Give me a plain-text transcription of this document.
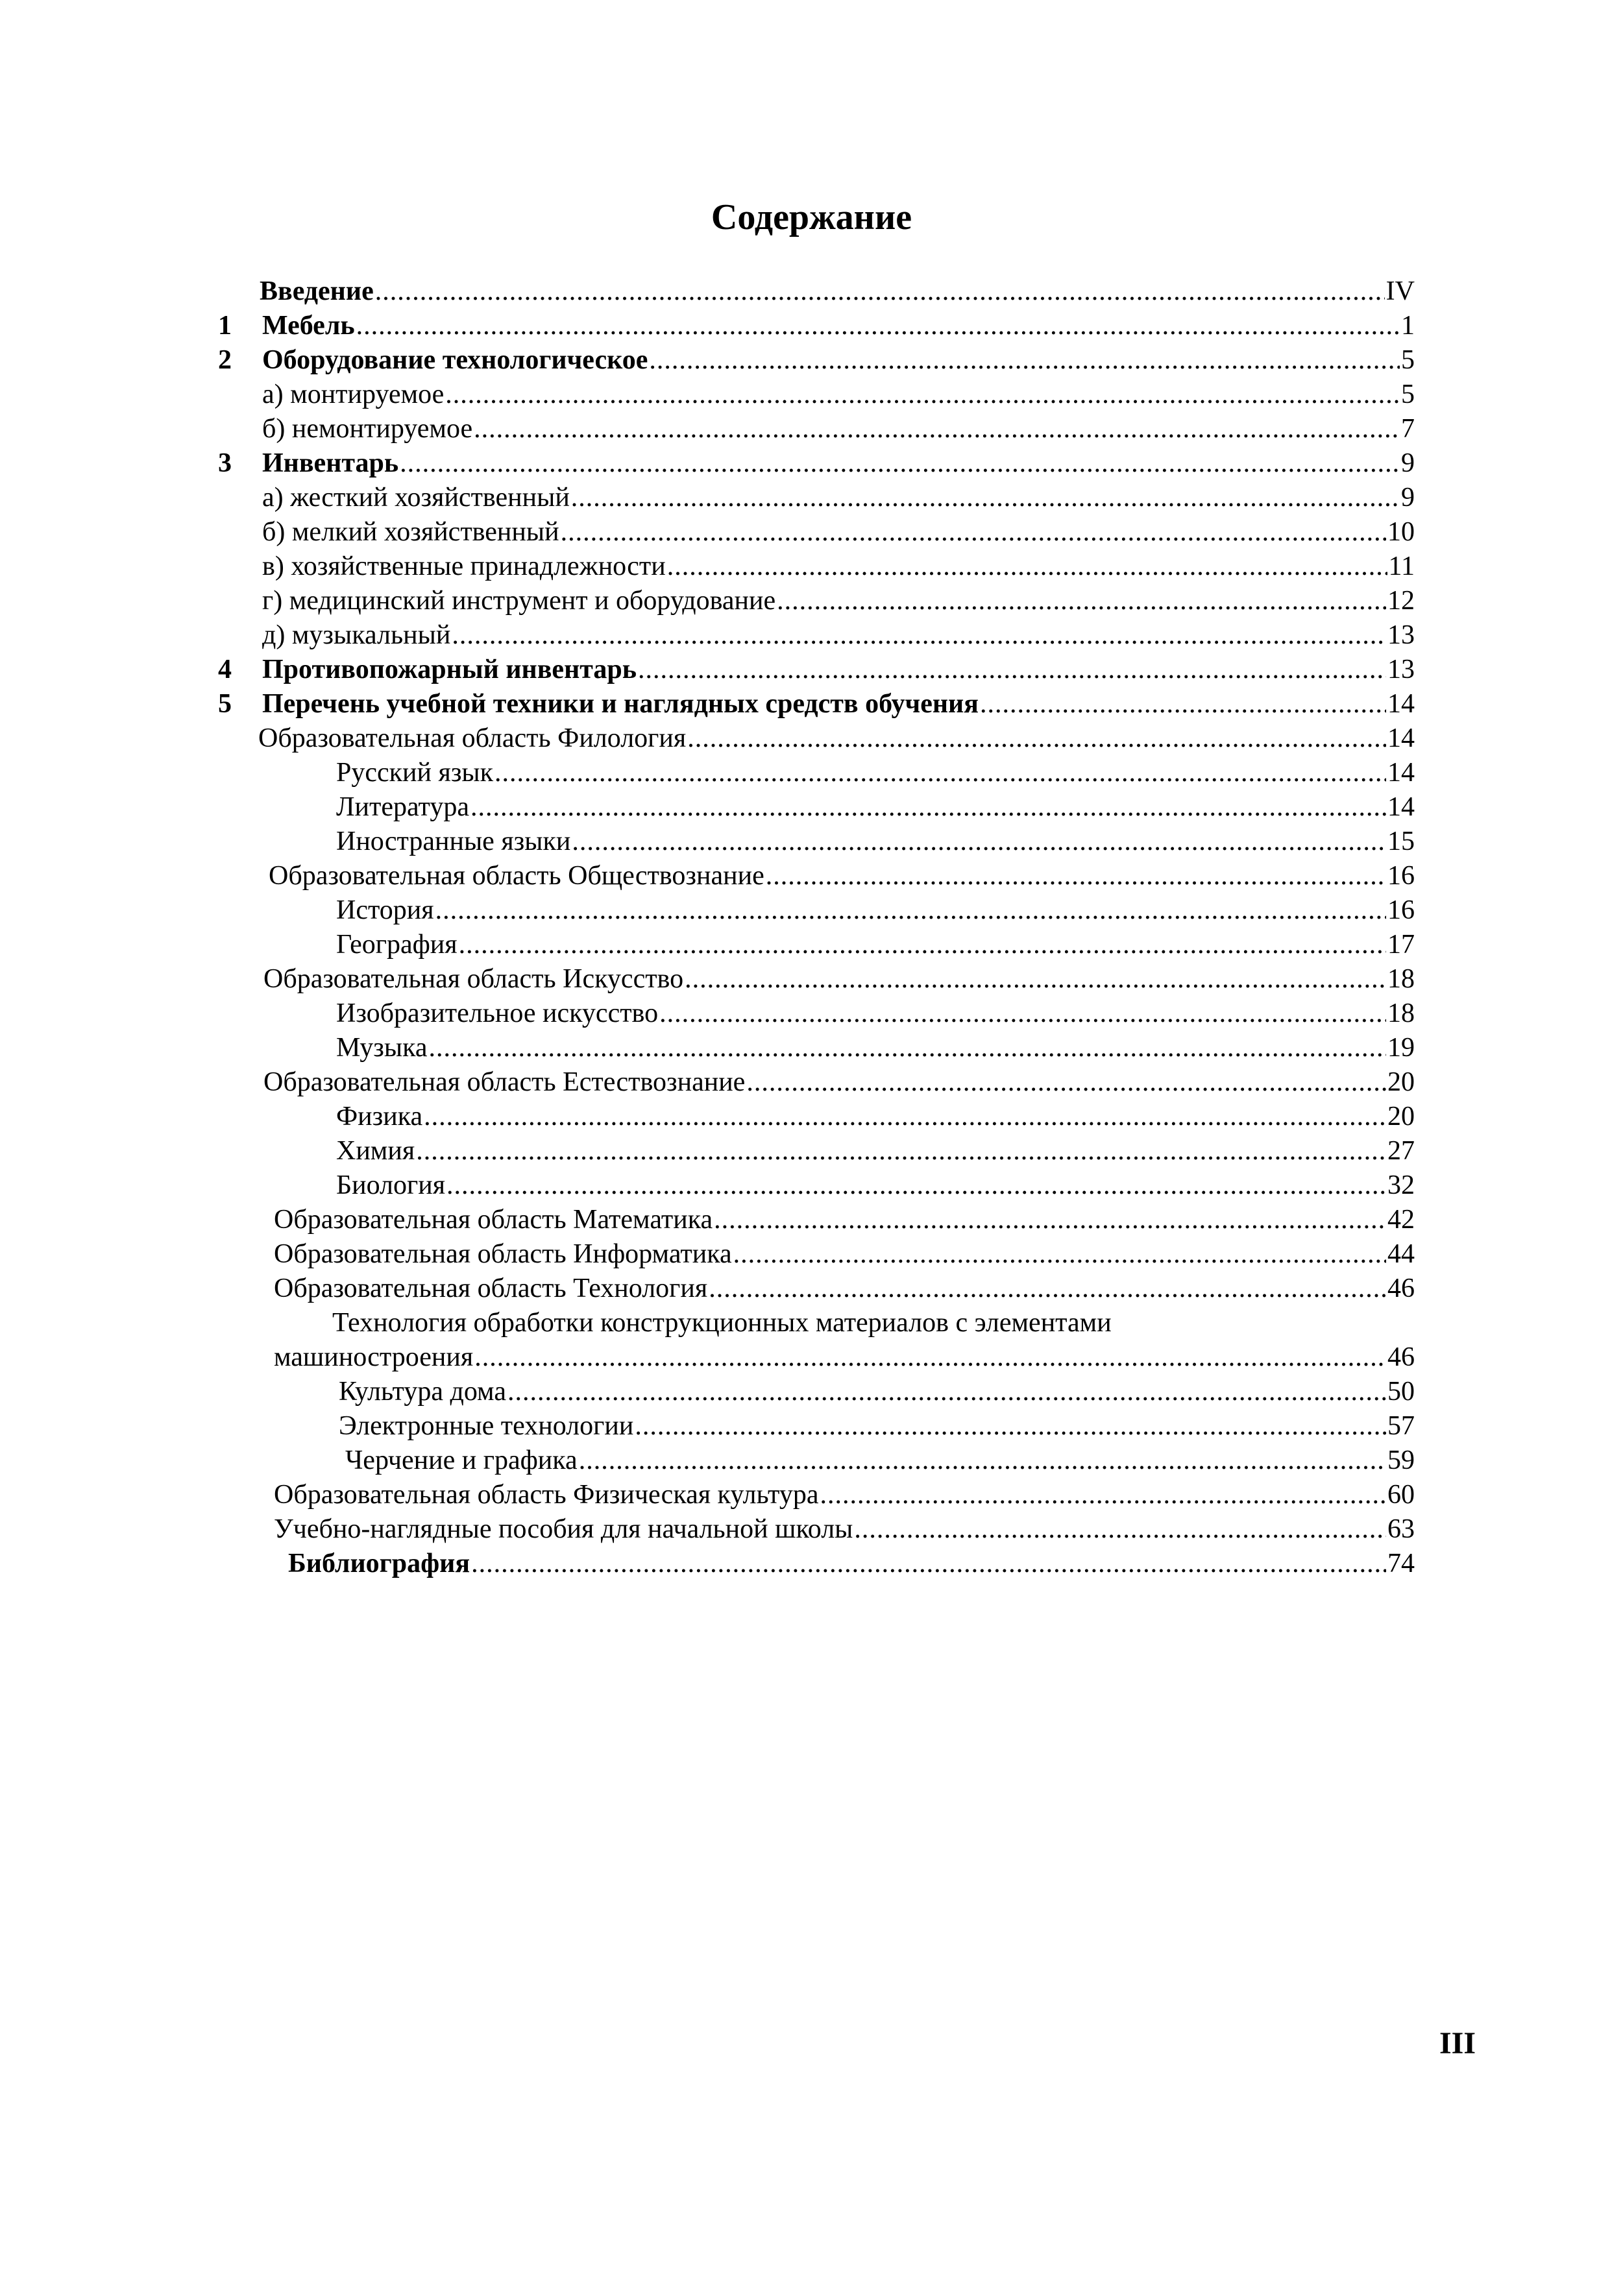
Содержание
Введение .....	IV
1 Мебель .....	1
2 Оборудование технологическое .....	5
а) монтируемое .....	5
б) немонтируемое .....	7
3 Инвентарь .....	9
а) жесткий хозяйственный .....	9
б) мелкий хозяйственный .....	10
в) хозяйственные принадлежности .....	11
г) медицинский инструмент и оборудование .....	12
д) музыкальный .....	13
4 Противопожарный инвентарь .....	13
5 Перечень учебной техники и наглядных средств обучения .....	14
Образовательная область Филология .....	14
Русский язык .....	14
Литература .....	14
Иностранные языки .....	15
Образовательная область Обществознание .....	16
История .....	16
География .....	17
Образовательная область Искусство .....	18
Изобразительное искусство .....	18
Музыка .....	19
Образовательная область Естествознание .....	20
Физика .....	20
Химия .....	27
Биология .....	32
Образовательная область Математика .....	42
Образовательная область Информатика .....	44
Образовательная область Технология .....	46
Технология обработки конструкционных материалов с элементами
машиностроения .....	46
Культура дома .....	50
Электронные технологии .....	57
Черчение и графика .....	59
Образовательная область Физическая культура .....	60
Учебно-наглядные пособия для начальной школы .....	63
Библиография .....	74
III
